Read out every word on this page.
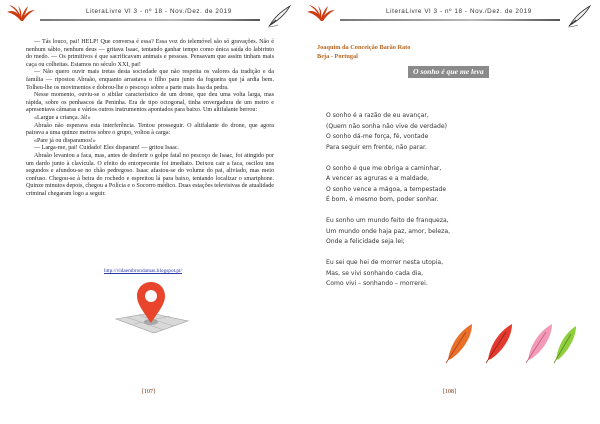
LiteraLivre Vl 3 - nº 18 - Nov./Dez. de 2019

— Tás louco, pai! HELP! Que conversa é essa? Essa voz do telemóvel são só gravações. Não é nenhum sábio, nenhum deus — gritava Isaac, tentando ganhar tempo como única saída do labirinto do medo. — Os primitivos é que sacrificavam animais e pessoas. Pensavam que assim tinham mais caça ou colheitas. Estamos no século XXI, pai!

— Não quero ouvir mais tretas desta sociedade que não respeita os valores da tradição e da família — ripostou Abraão, enquanto arrastava o filho para junto da fogueira que já ardia bem. Tolheu-lhe os movimentos e dobrou-lhe o pescoço sobre a parte mais lisa da pedra.

Nesse momento, ouviu-se o sibilar característico de um drone, que deu uma volta larga, mas rápida, sobre os penhascos da Peninha. Era de tipo octogonal, tinha envergadura de um metro e apresentava câmaras e vários outros instrumentos apontados para baixo. Um altifalante berrou:

«Largue a criança. Já!»

Abraão não esperava esta interferência. Tentou prosseguir. O altifalante do drone, que agora pairava a uma quinze metros sobre o grupo, voltou à carga:

«Pare já ou disparamos!»

— Larga-me, pai! Cuidado! Eles disparam! — gritou Isaac.

Abraão levantou a faca, mas, antes de desferir o golpe fatal no pescoço de Isaac, foi atingido por um dardo junto à clavícula. O efeito do entorpecente foi imediato. Deixou cair a faca, oscilou uns segundos e afundou-se no chão pedregoso. Isaac afastou-se do volume do pai, aliviado, mas meio confuso. Chegou-se à beira do rochedo e espreitou lá para baixo, tentando localizar o smartphone. Quinze minutos depois, chegou a Polícia e o Socorro médico. Duas estações televisivas de atualidade criminal chegaram logo a seguir.

http://vidaembrondamas.blogspot.pt/
[107]
LiteraLivre Vl 3 - nº 18 - Nov./Dez. de 2019
Joaquim da Conceição Barão Rato
Beja - Portugal
O sonho é que me leva
O sonho é a razão de eu avançar,
(Quem não sonha não vive de verdade)
O sonho dá-me força, fé, vontade
Para seguir em frente, não parar.
O sonho é que me obriga a caminhar,
A vencer as agruras e a maldade,
O sonho vence a mágoa, a tempestade
É bom, é mesmo bom, poder sonhar.
Eu sonho um mundo feito de franqueza,
Um mundo onde haja paz, amor, beleza,
Onde a felicidade seja lei;
Eu sei que hei de morrer nesta utopia,
Mas, se vivi sonhando cada dia,
Como vivi – sonhando – morrerei.
[108]
